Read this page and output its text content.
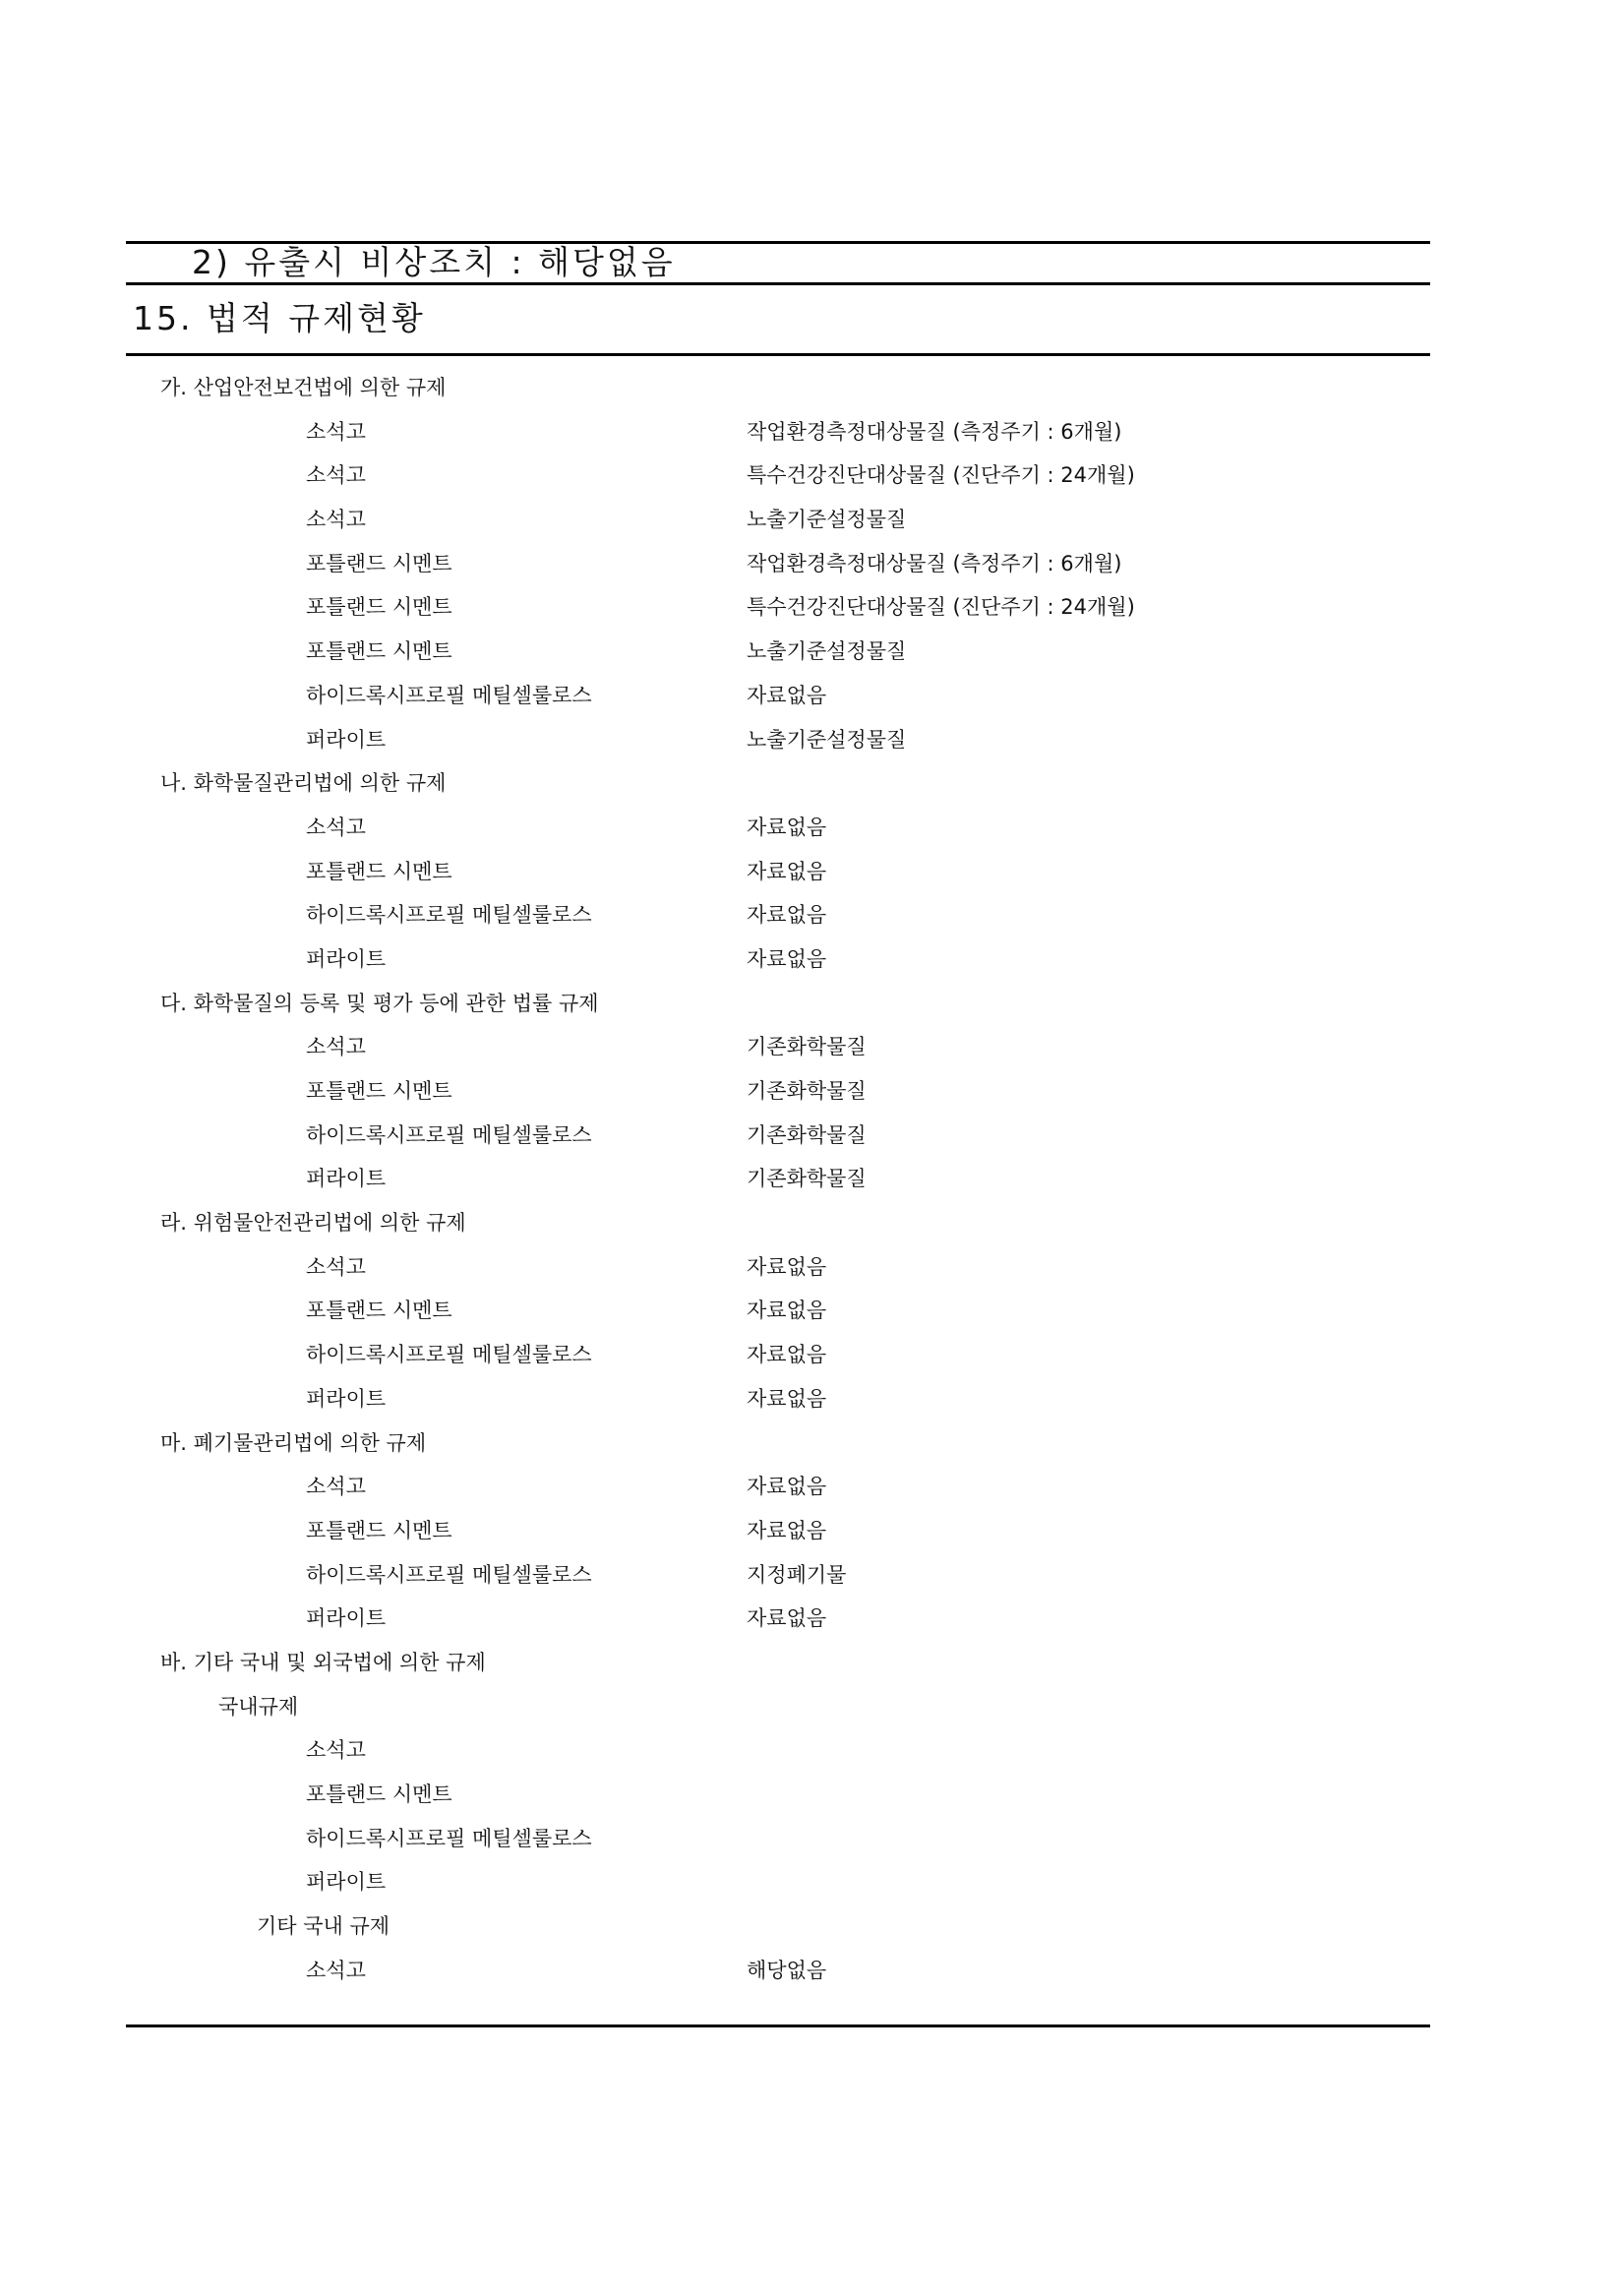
2) 유출시 비상조치 : 해당없음
15. 법적 규제현황
가. 산업안전보건법에 의한 규제
소석고	작업환경측정대상물질 (측정주기 : 6개월)
소석고	특수건강진단대상물질 (진단주기 : 24개월)
소석고	노출기준설정물질
포틀랜드 시멘트	작업환경측정대상물질 (측정주기 : 6개월)
포틀랜드 시멘트	특수건강진단대상물질 (진단주기 : 24개월)
포틀랜드 시멘트	노출기준설정물질
하이드록시프로필 메틸셀룰로스	자료없음
퍼라이트	노출기준설정물질
나. 화학물질관리법에 의한 규제
소석고	자료없음
포틀랜드 시멘트	자료없음
하이드록시프로필 메틸셀룰로스	자료없음
퍼라이트	자료없음
다. 화학물질의 등록 및 평가 등에 관한 법률 규제
소석고	기존화학물질
포틀랜드 시멘트	기존화학물질
하이드록시프로필 메틸셀룰로스	기존화학물질
퍼라이트	기존화학물질
라. 위험물안전관리법에 의한 규제
소석고	자료없음
포틀랜드 시멘트	자료없음
하이드록시프로필 메틸셀룰로스	자료없음
퍼라이트	자료없음
마. 폐기물관리법에 의한 규제
소석고	자료없음
포틀랜드 시멘트	자료없음
하이드록시프로필 메틸셀룰로스	지정폐기물
퍼라이트	자료없음
바. 기타 국내 및 외국법에 의한 규제
국내규제
소석고
포틀랜드 시멘트
하이드록시프로필 메틸셀룰로스
퍼라이트
기타 국내 규제
소석고	해당없음
